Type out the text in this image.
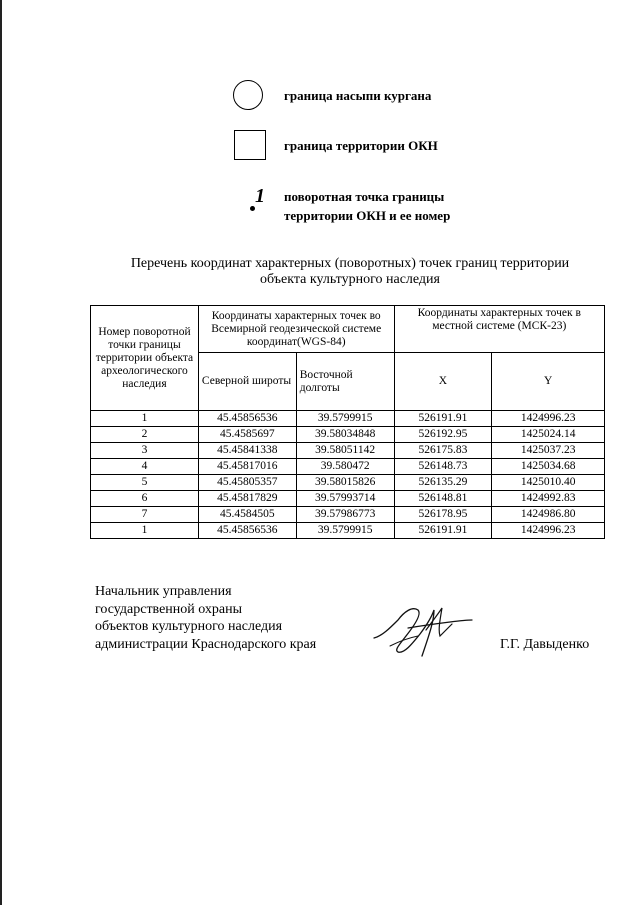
граница насыпи кургана
граница территории ОКН
1 поворотная точка границы
территории ОКН и ее номер
Перечень координат характерных (поворотных) точек границ территории
объекта культурного наследия
Номер поворотной точки границы территории объекта археологического наследия	Координаты характерных точек во Всемирной геодезической системе координат(WGS-84)		Координаты характерных точек в местной системе (МСК-23)	
	Северной широты	Восточной долготы	X	Y
1	45.45856536	39.5799915	526191.91	1424996.23
2	45.4585697	39.58034848	526192.95	1425024.14
3	45.45841338	39.58051142	526175.83	1425037.23
4	45.45817016	39.580472	526148.73	1425034.68
5	45.45805357	39.58015826	526135.29	1425010.40
6	45.45817829	39.57993714	526148.81	1424992.83
7	45.4584505	39.57986773	526178.95	1424986.80
1	45.45856536	39.5799915	526191.91	1424996.23
Начальник управления
государственной охраны
объектов культурного наследия
администрации Краснодарского края	Г.Г. Давыденко
